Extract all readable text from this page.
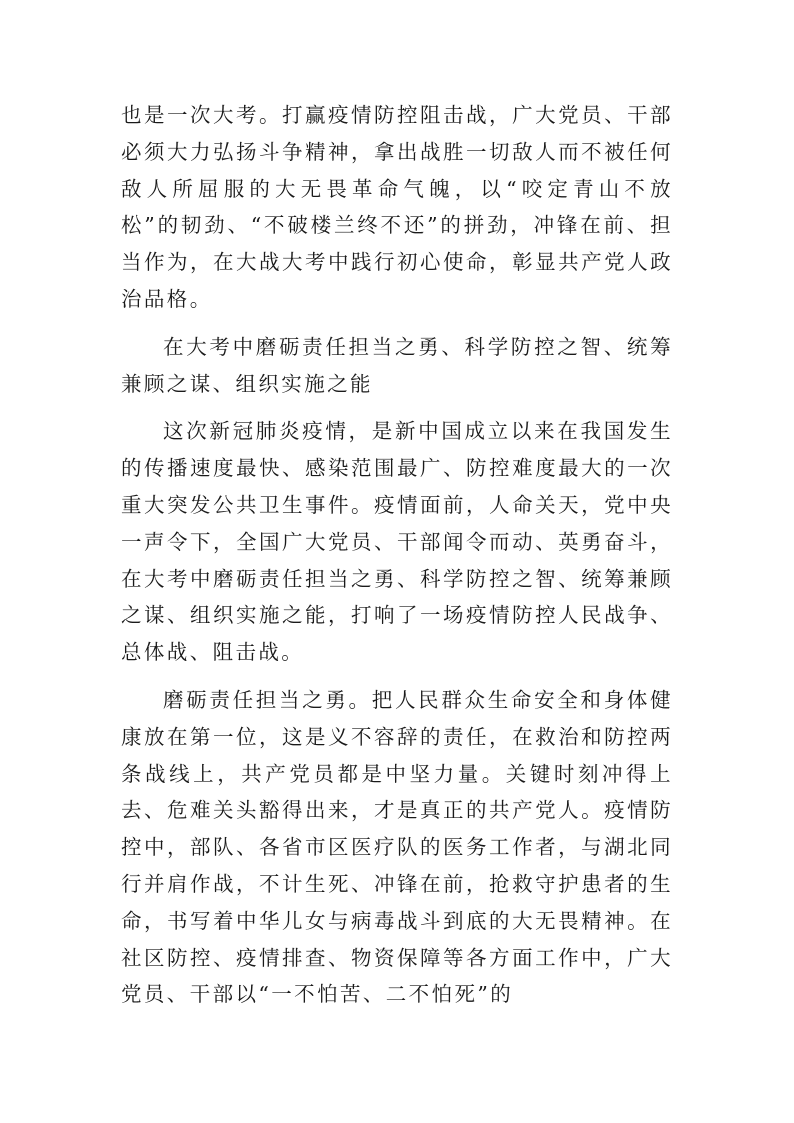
也是一次大考。打赢疫情防控阻击战，广大党员、干部必须大力弘扬斗争精神，拿出战胜一切敌人而不被任何敌人所屈服的大无畏革命气魄，以“咬定青山不放松”的韧劲、“不破楼兰终不还”的拼劲，冲锋在前、担当作为，在大战大考中践行初心使命，彰显共产党人政治品格。

在大考中磨砺责任担当之勇、科学防控之智、统筹兼顾之谋、组织实施之能

这次新冠肺炎疫情，是新中国成立以来在我国发生的传播速度最快、感染范围最广、防控难度最大的一次重大突发公共卫生事件。疫情面前，人命关天，党中央一声令下，全国广大党员、干部闻令而动、英勇奋斗，在大考中磨砺责任担当之勇、科学防控之智、统筹兼顾之谋、组织实施之能，打响了一场疫情防控人民战争、总体战、阻击战。

磨砺责任担当之勇。把人民群众生命安全和身体健康放在第一位，这是义不容辞的责任，在救治和防控两条战线上，共产党员都是中坚力量。关键时刻冲得上去、危难关头豁得出来，才是真正的共产党人。疫情防控中，部队、各省市区医疗队的医务工作者，与湖北同行并肩作战，不计生死、冲锋在前，抢救守护患者的生命，书写着中华儿女与病毒战斗到底的大无畏精神。在社区防控、疫情排查、物资保障等各方面工作中，广大党员、干部以“一不怕苦、二不怕死”的
